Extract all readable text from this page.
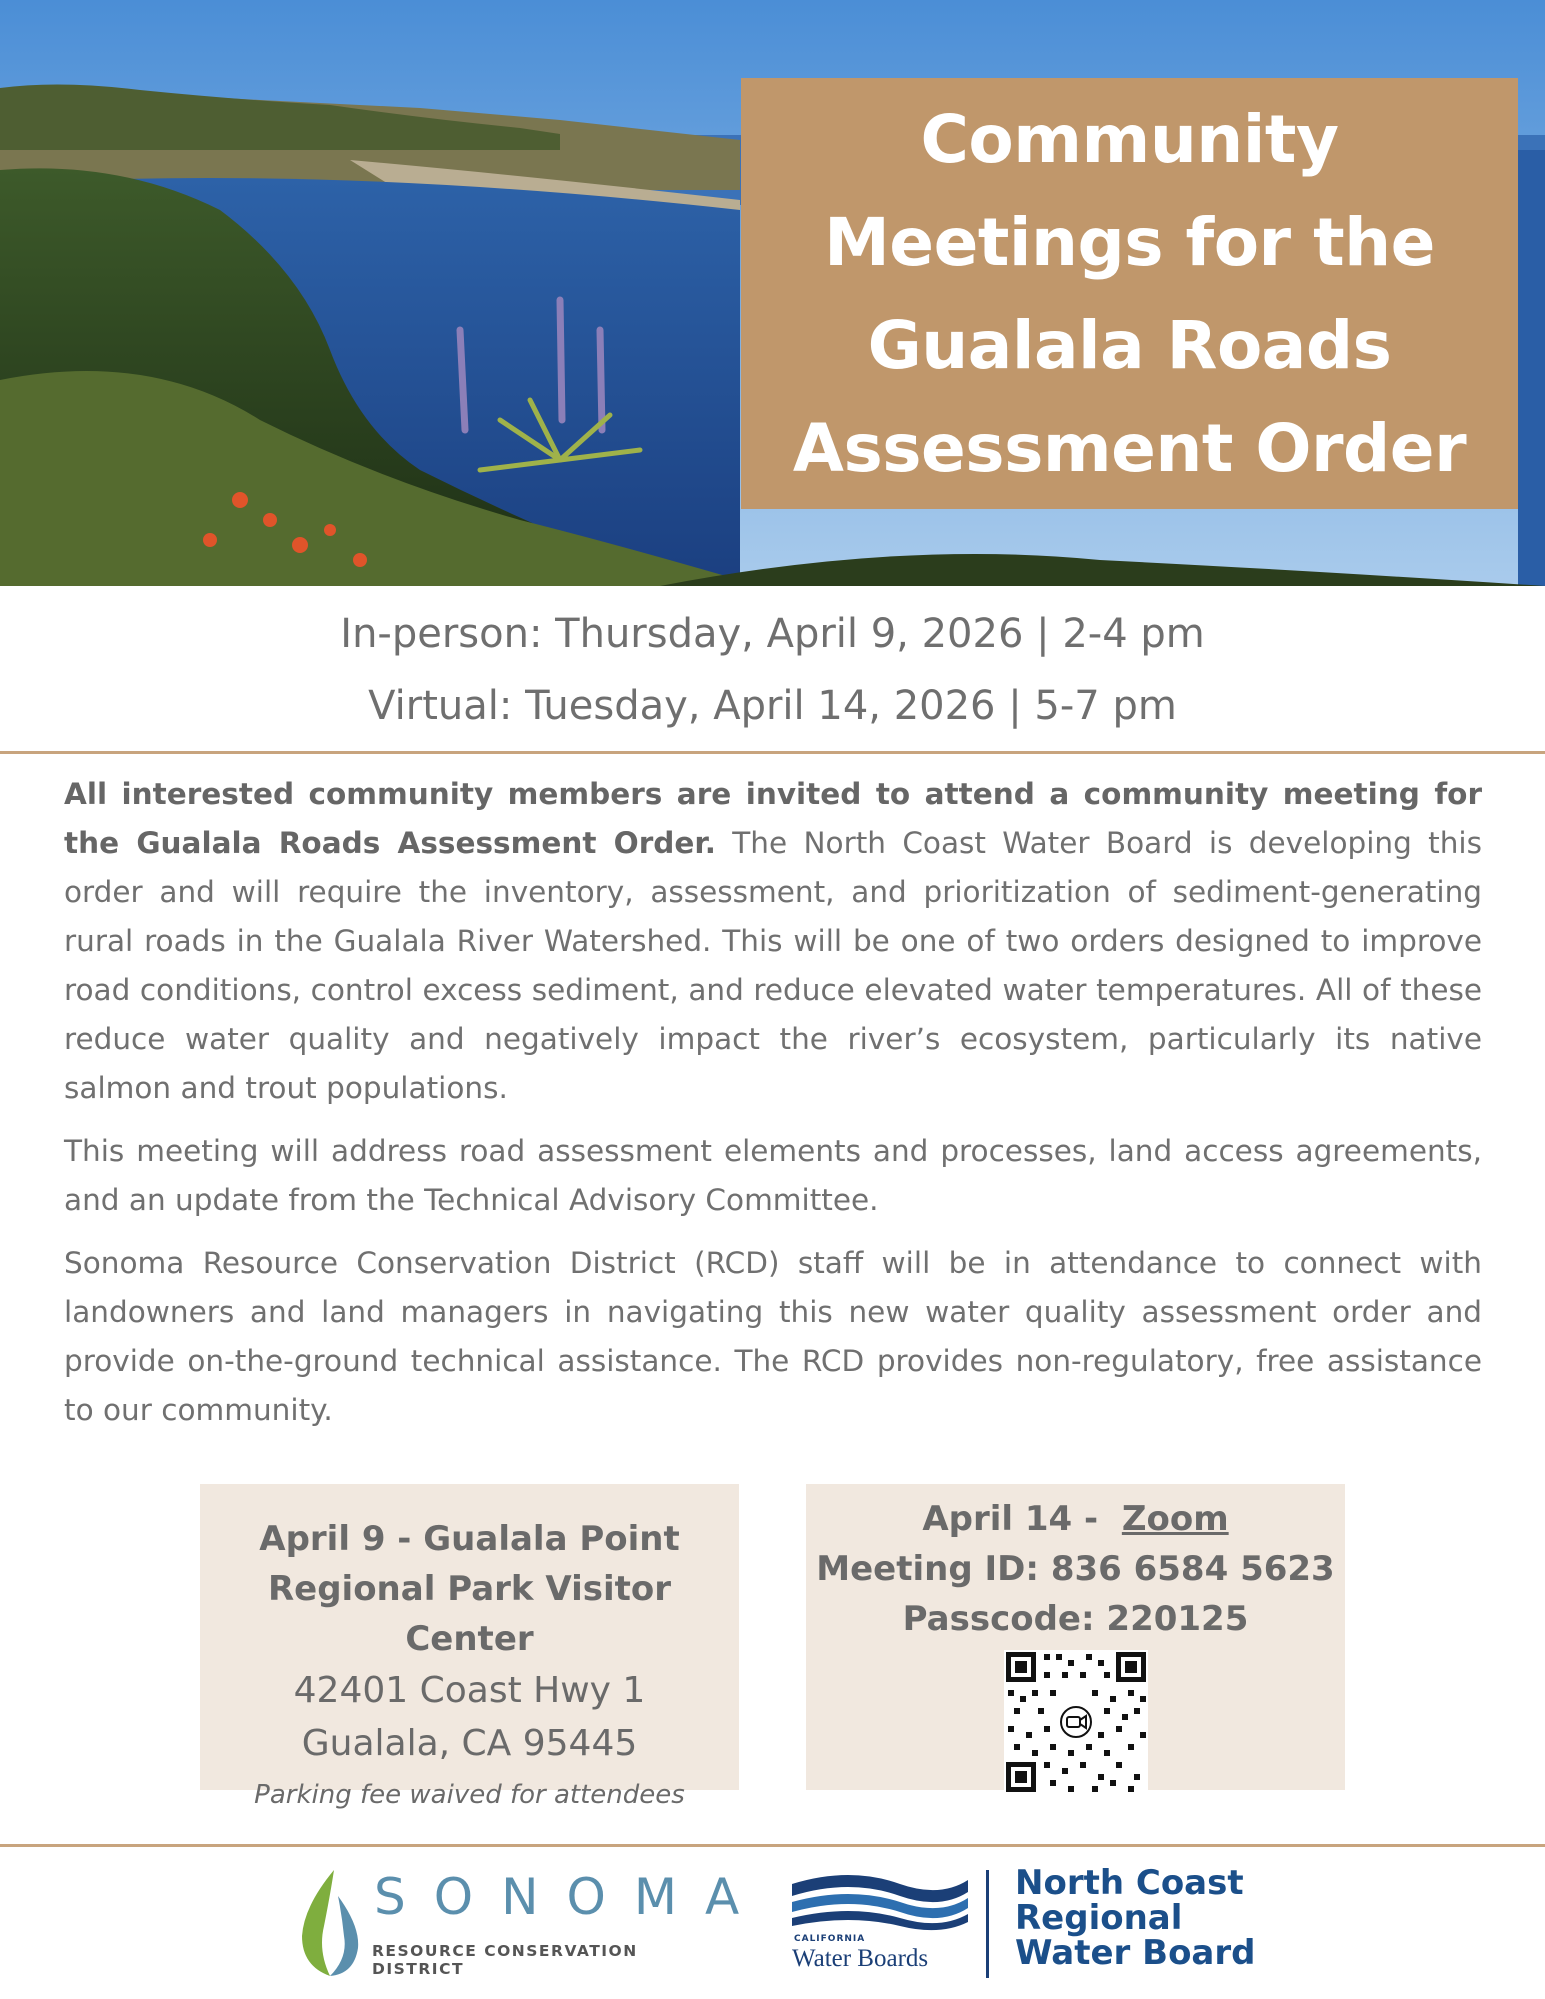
Community
Meetings for the
Gualala Roads
Assessment Order
In-person: Thursday, April 9, 2026 | 2-4 pm
Virtual: Tuesday, April 14, 2026 | 5-7 pm

All interested community members are invited to attend a community meeting for the Gualala Roads Assessment Order. The North Coast Water Board is developing this order and will require the inventory, assessment, and prioritization of sediment-generating rural roads in the Gualala River Watershed. This will be one of two orders designed to improve road conditions, control excess sediment, and reduce elevated water temperatures. All of these reduce water quality and negatively impact the river’s ecosystem, particularly its native salmon and trout populations.

This meeting will address road assessment elements and processes, land access agreements, and an update from the Technical Advisory Committee.

Sonoma Resource Conservation District (RCD) staff will be in attendance to connect with landowners and land managers in navigating this new water quality assessment order and provide on-the-ground technical assistance. The RCD provides non-regulatory, free assistance to our community.

April 9 - Gualala Point
Regional Park Visitor Center
42401 Coast Hwy 1
Gualala, CA 95445
Parking fee waived for attendees
April 14 -  Zoom
Meeting ID: 836 6584 5623
Passcode: 220125
SONOMA
RESOURCE CONSERVATION DISTRICT
CALIFORNIA
Water Boards
North Coast
Regional
Water Board
